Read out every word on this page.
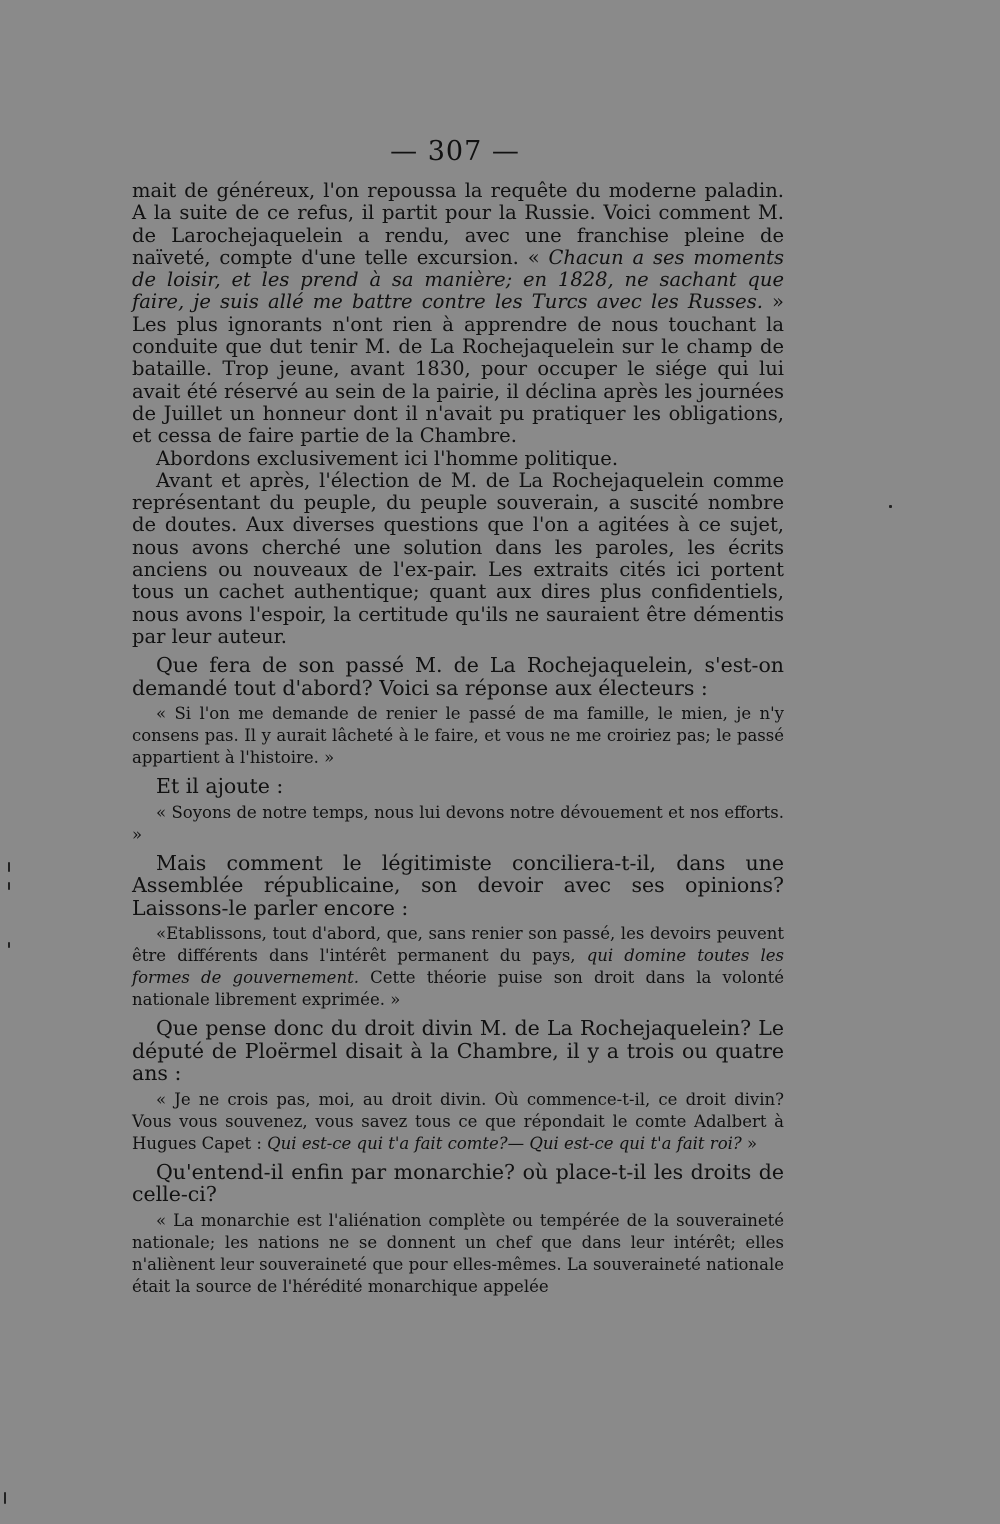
— 307 —

mait de généreux, l'on repoussa la requête du moderne paladin. A la suite de ce refus, il partit pour la Russie. Voici comment M. de Larochejaquelein a rendu, avec une franchise pleine de naïveté, compte d'une telle excursion. « Chacun a ses moments de loisir, et les prend à sa manière; en 1828, ne sachant que faire, je suis allé me battre contre les Turcs avec les Russes. » Les plus ignorants n'ont rien à apprendre de nous touchant la conduite que dut tenir M. de La Rochejaquelein sur le champ de bataille. Trop jeune, avant 1830, pour occuper le siége qui lui avait été réservé au sein de la pairie, il déclina après les journées de Juillet un honneur dont il n'avait pu pratiquer les obligations, et cessa de faire partie de la Chambre.

Abordons exclusivement ici l'homme politique.

Avant et après, l'élection de M. de La Rochejaquelein comme représentant du peuple, du peuple souverain, a suscité nombre de doutes. Aux diverses questions que l'on a agitées à ce sujet, nous avons cherché une solution dans les paroles, les écrits anciens ou nouveaux de l'ex-pair. Les extraits cités ici portent tous un cachet authentique; quant aux dires plus confidentiels, nous avons l'espoir, la certitude qu'ils ne sauraient être démentis par leur auteur.

Que fera de son passé M. de La Rochejaquelein, s'est-on demandé tout d'abord? Voici sa réponse aux électeurs :

« Si l'on me demande de renier le passé de ma famille, le mien, je n'y consens pas. Il y aurait lâcheté à le faire, et vous ne me croiriez pas; le passé appartient à l'histoire. »

Et il ajoute :

« Soyons de notre temps, nous lui devons notre dévouement et nos efforts. »

Mais comment le légitimiste conciliera-t-il, dans une Assemblée républicaine, son devoir avec ses opinions? Laissons-le parler encore :

«Etablissons, tout d'abord, que, sans renier son passé, les devoirs peuvent être différents dans l'intérêt permanent du pays, qui domine toutes les formes de gouvernement. Cette théorie puise son droit dans la volonté nationale librement exprimée. »

Que pense donc du droit divin M. de La Rochejaquelein? Le député de Ploërmel disait à la Chambre, il y a trois ou quatre ans :

« Je ne crois pas, moi, au droit divin. Où commence-t-il, ce droit divin? Vous vous souvenez, vous savez tous ce que répondait le comte Adalbert à Hugues Capet : Qui est-ce qui t'a fait comte?— Qui est-ce qui t'a fait roi? »

Qu'entend-il enfin par monarchie? où place-t-il les droits de celle-ci?

« La monarchie est l'aliénation complète ou tempérée de la souveraineté nationale; les nations ne se donnent un chef que dans leur intérêt; elles n'aliènent leur souveraineté que pour elles-mêmes. La souveraineté nationale était la source de l'hérédité monarchique appelée
